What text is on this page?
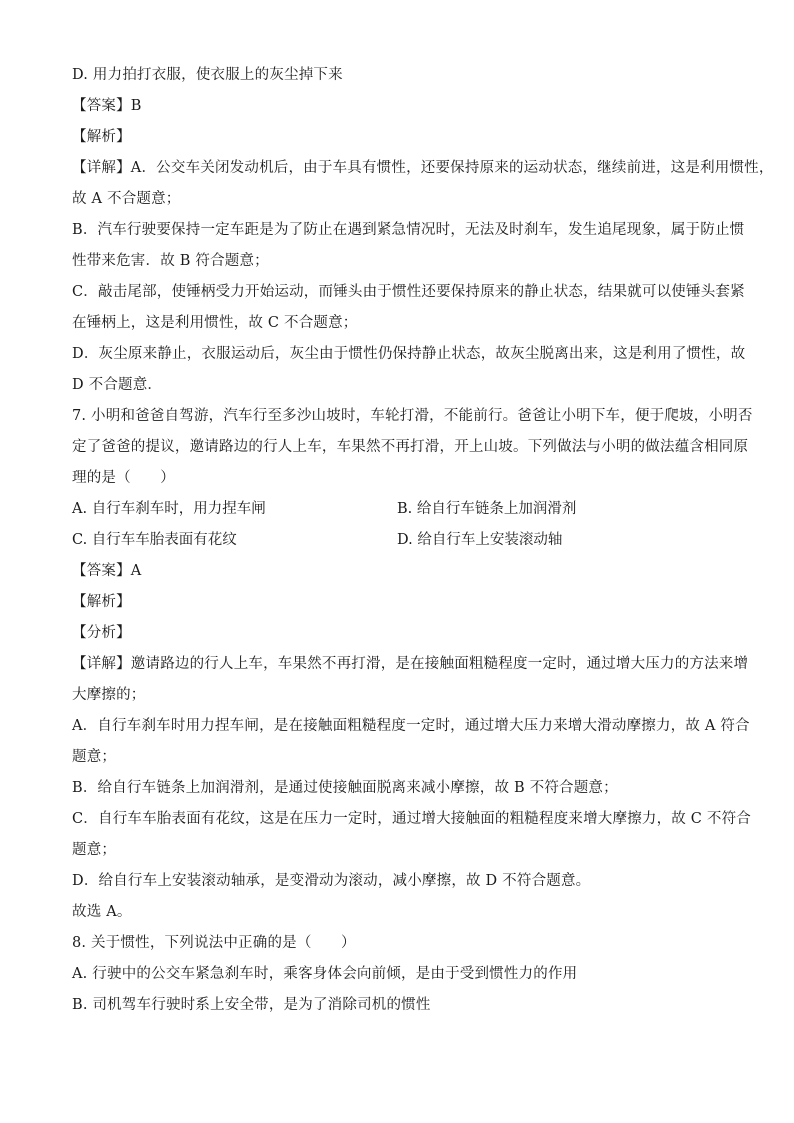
D. 用力拍打衣服，使衣服上的灰尘掉下来
【答案】B
【解析】
【详解】A．公交车关闭发动机后，由于车具有惯性，还要保持原来的运动状态，继续前进，这是利用惯性，
故 A 不合题意；
B．汽车行驶要保持一定车距是为了防止在遇到紧急情况时，无法及时刹车，发生追尾现象，属于防止惯
性带来危害．故 B 符合题意；
C．敲击尾部，使锤柄受力开始运动，而锤头由于惯性还要保持原来的静止状态，结果就可以使锤头套紧
在锤柄上，这是利用惯性，故 C 不合题意；
D．灰尘原来静止，衣服运动后，灰尘由于惯性仍保持静止状态，故灰尘脱离出来，这是利用了惯性，故
D 不合题意．
7. 小明和爸爸自驾游，汽车行至多沙山坡时，车轮打滑，不能前行。爸爸让小明下车，便于爬坡，小明否
定了爸爸的提议，邀请路边的行人上车，车果然不再打滑，开上山坡。下列做法与小明的做法蕴含相同原
理的是（　　）
A. 自行车刹车时，用力捏车闸	B. 给自行车链条上加润滑剂
C. 自行车车胎表面有花纹	D. 给自行车上安装滚动轴
【答案】A
【解析】
【分析】
【详解】邀请路边的行人上车，车果然不再打滑，是在接触面粗糙程度一定时，通过增大压力的方法来增
大摩擦的；
A．自行车刹车时用力捏车闸，是在接触面粗糙程度一定时，通过增大压力来增大滑动摩擦力，故 A 符合
题意；
B．给自行车链条上加润滑剂，是通过使接触面脱离来减小摩擦，故 B 不符合题意；
C．自行车车胎表面有花纹，这是在压力一定时，通过增大接触面的粗糙程度来增大摩擦力，故 C 不符合
题意；
D．给自行车上安装滚动轴承，是变滑动为滚动，减小摩擦，故 D 不符合题意。
故选 A。
8. 关于惯性，下列说法中正确的是（　　）
A. 行驶中的公交车紧急刹车时，乘客身体会向前倾，是由于受到惯性力的作用
B. 司机驾车行驶时系上安全带，是为了消除司机的惯性
